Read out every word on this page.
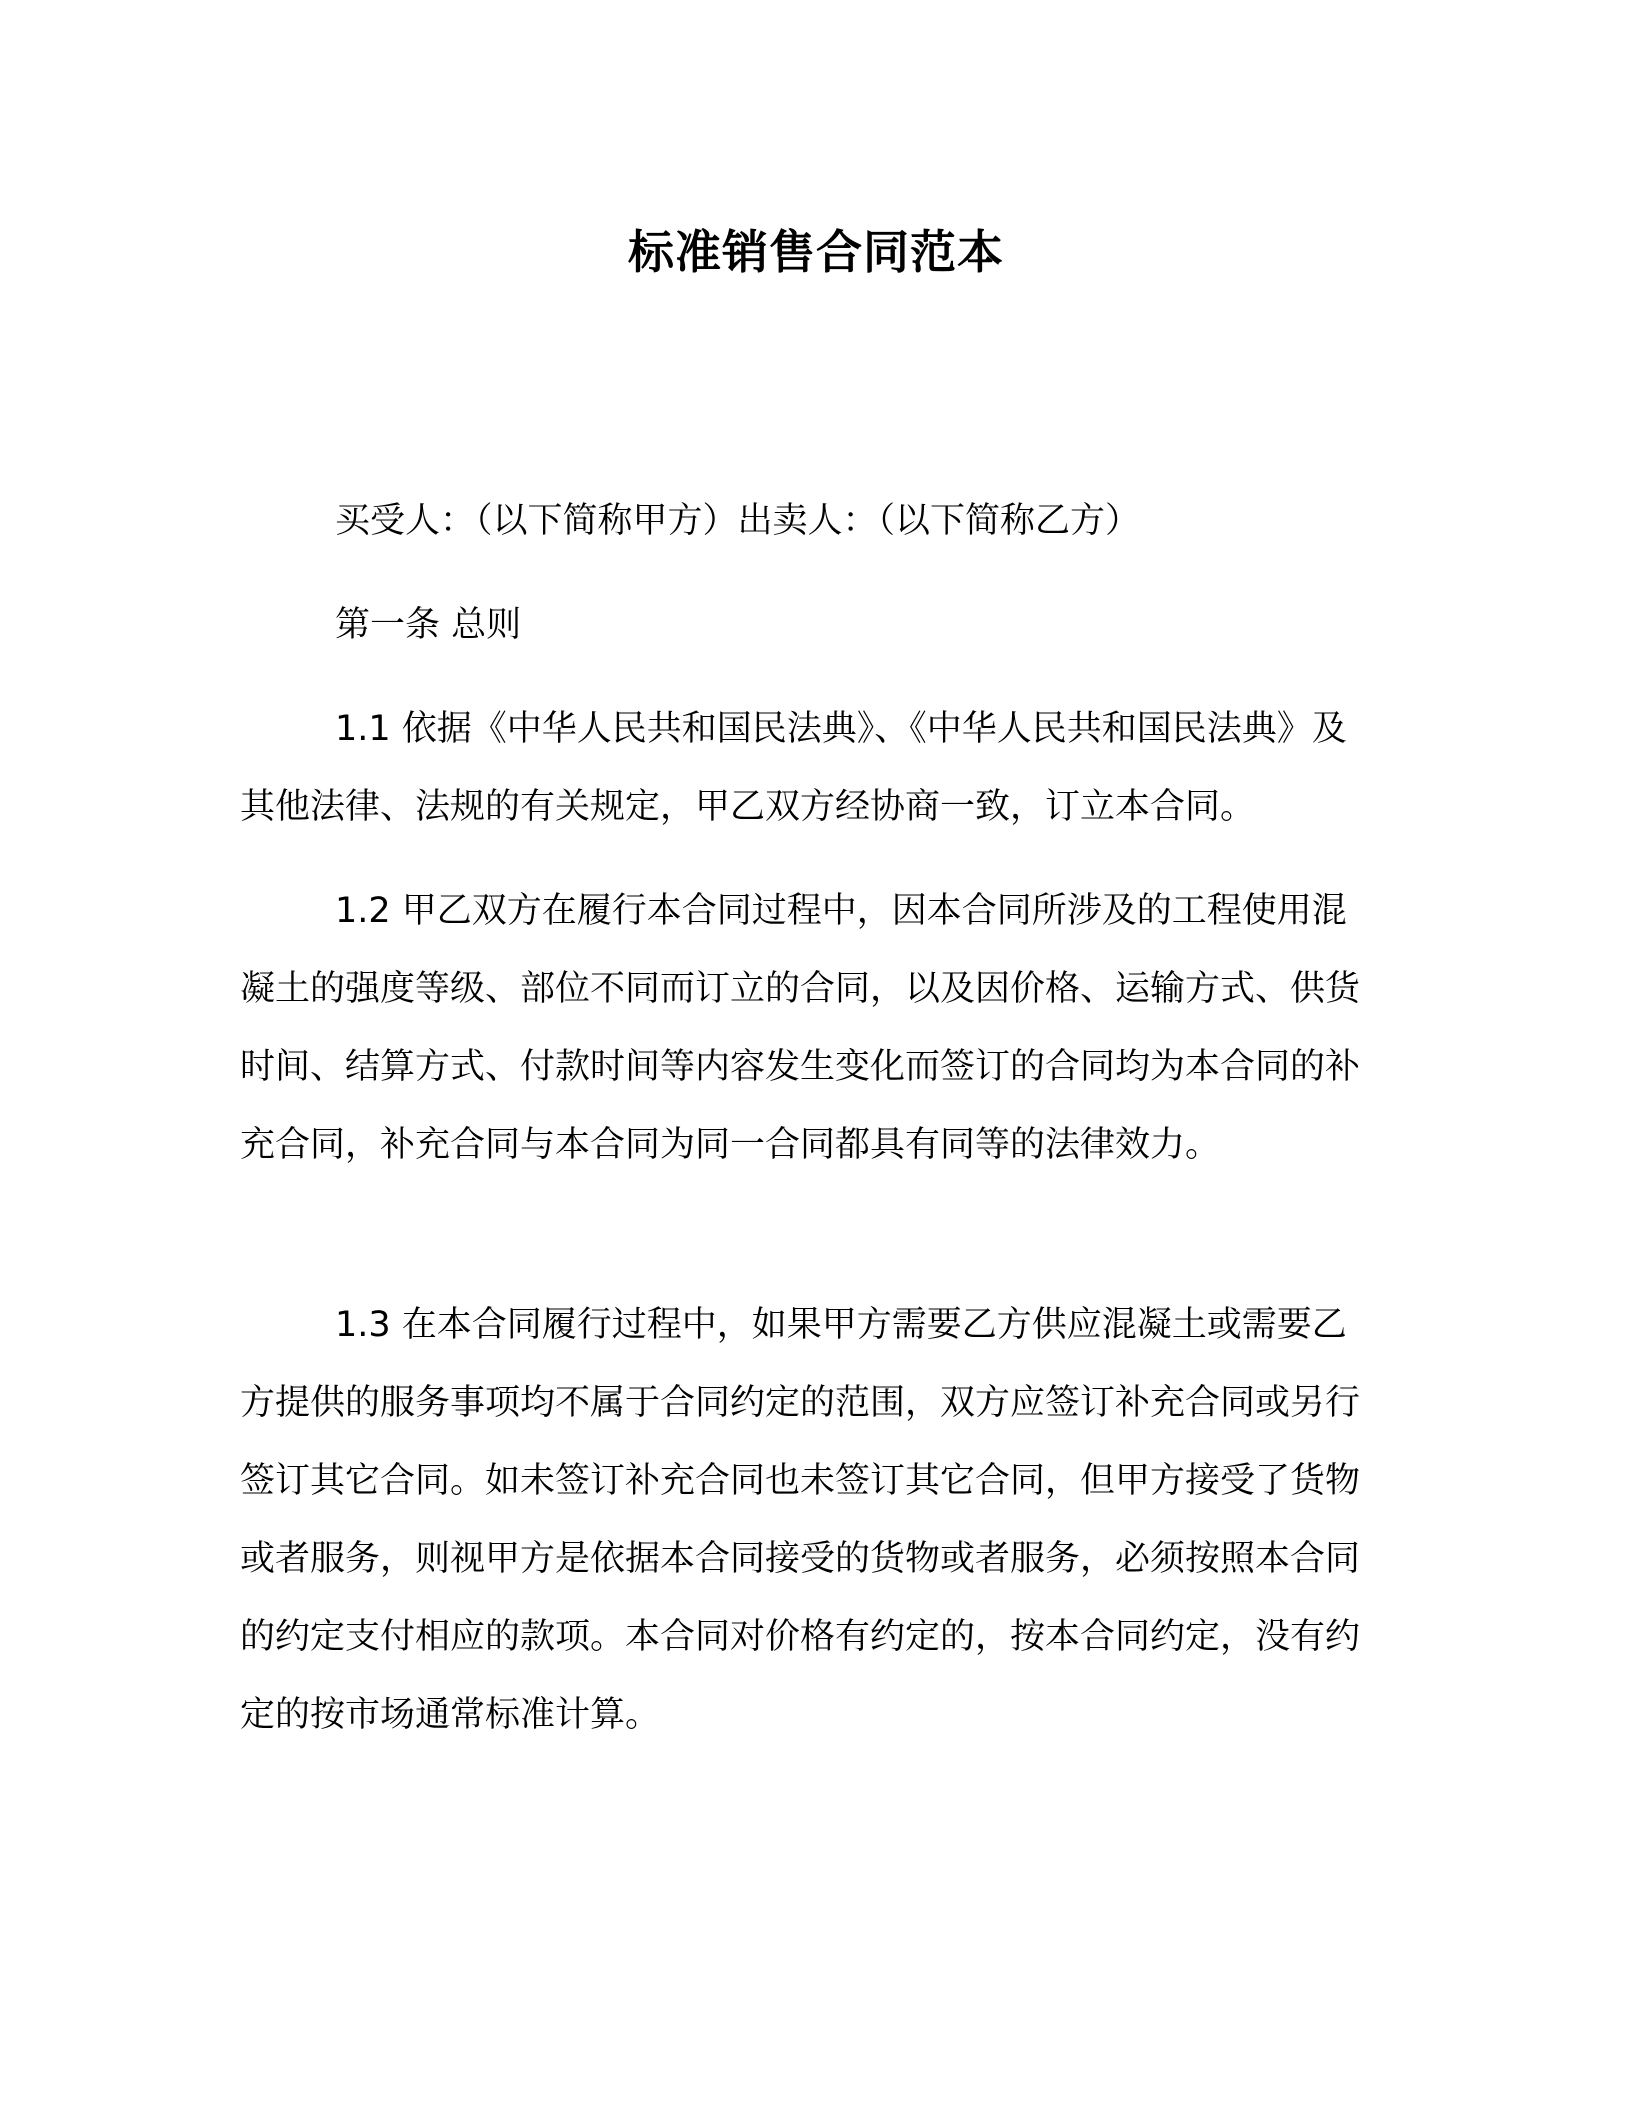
标准销售合同范本

买受人：（以下简称甲方）出卖人：（以下简称乙方）

第一条 总则

1.1 依据《中华人民共和国民法典》、《中华人民共和国民法典》及其他法律、法规的有关规定，甲乙双方经协商一致，订立本合同。

1.2 甲乙双方在履行本合同过程中，因本合同所涉及的工程使用混凝土的强度等级、部位不同而订立的合同，以及因价格、运输方式、供货时间、结算方式、付款时间等内容发生变化而签订的合同均为本合同的补充合同，补充合同与本合同为同一合同都具有同等的法律效力。

1.3 在本合同履行过程中，如果甲方需要乙方供应混凝土或需要乙方提供的服务事项均不属于合同约定的范围，双方应签订补充合同或另行签订其它合同。如未签订补充合同也未签订其它合同，但甲方接受了货物或者服务，则视甲方是依据本合同接受的货物或者服务，必须按照本合同的约定支付相应的款项。本合同对价格有约定的，按本合同约定，没有约定的按市场通常标准计算。
